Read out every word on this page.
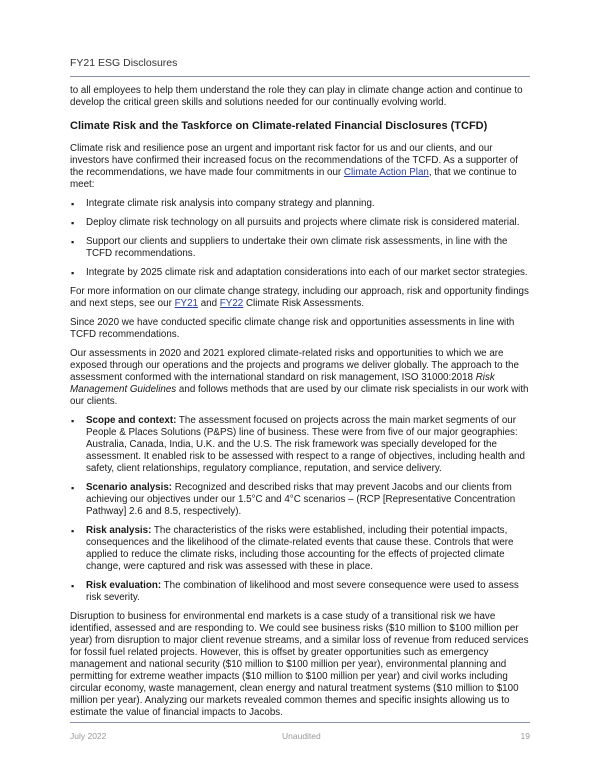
FY21 ESG Disclosures

to all employees to help them understand the role they can play in climate change action and continue to develop the critical green skills and solutions needed for our continually evolving world.

Climate Risk and the Taskforce on Climate-related Financial Disclosures (TCFD)

Climate risk and resilience pose an urgent and important risk factor for us and our clients, and our investors have confirmed their increased focus on the recommendations of the TCFD. As a supporter of the recommendations, we have made four commitments in our Climate Action Plan, that we continue to meet:

▪ Integrate climate risk analysis into company strategy and planning.
▪ Deploy climate risk technology on all pursuits and projects where climate risk is considered material.
▪ Support our clients and suppliers to undertake their own climate risk assessments, in line with the TCFD recommendations.
▪ Integrate by 2025 climate risk and adaptation considerations into each of our market sector strategies.

For more information on our climate change strategy, including our approach, risk and opportunity findings and next steps, see our FY21 and FY22 Climate Risk Assessments.

Since 2020 we have conducted specific climate change risk and opportunities assessments in line with TCFD recommendations.

Our assessments in 2020 and 2021 explored climate-related risks and opportunities to which we are exposed through our operations and the projects and programs we deliver globally. The approach to the assessment conformed with the international standard on risk management, ISO 31000:2018 Risk Management Guidelines and follows methods that are used by our climate risk specialists in our work with our clients.

▪ Scope and context: The assessment focused on projects across the main market segments of our People & Places Solutions (P&PS) line of business. These were from five of our major geographies: Australia, Canada, India, U.K. and the U.S. The risk framework was specially developed for the assessment. It enabled risk to be assessed with respect to a range of objectives, including health and safety, client relationships, regulatory compliance, reputation, and service delivery.
▪ Scenario analysis: Recognized and described risks that may prevent Jacobs and our clients from achieving our objectives under our 1.5°C and 4°C scenarios – (RCP [Representative Concentration Pathway] 2.6 and 8.5, respectively).
▪ Risk analysis: The characteristics of the risks were established, including their potential impacts, consequences and the likelihood of the climate-related events that cause these. Controls that were applied to reduce the climate risks, including those accounting for the effects of projected climate change, were captured and risk was assessed with these in place.
▪ Risk evaluation: The combination of likelihood and most severe consequence were used to assess risk severity.

Disruption to business for environmental end markets is a case study of a transitional risk we have identified, assessed and are responding to. We could see business risks ($10 million to $100 million per year) from disruption to major client revenue streams, and a similar loss of revenue from reduced services for fossil fuel related projects. However, this is offset by greater opportunities such as emergency management and national security ($10 million to $100 million per year), environmental planning and permitting for extreme weather impacts ($10 million to $100 million per year) and civil works including circular economy, waste management, clean energy and natural treatment systems ($10 million to $100 million per year). Analyzing our markets revealed common themes and specific insights allowing us to estimate the value of financial impacts to Jacobs.

July 2022	Unaudited	19
